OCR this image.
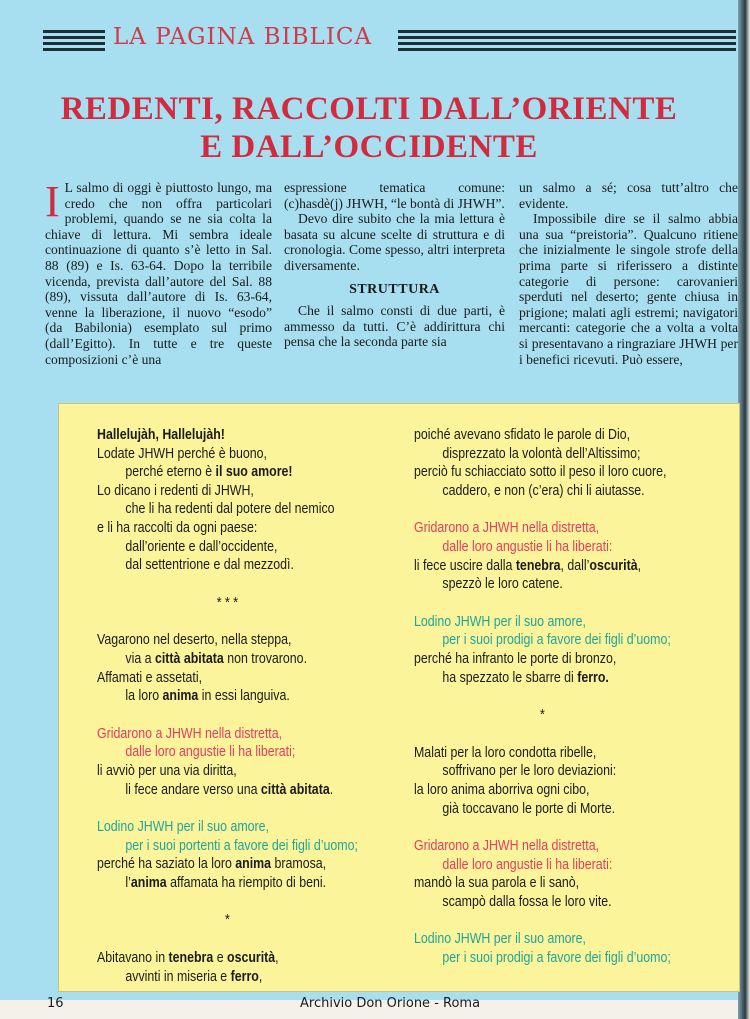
LA PAGINA BIBLICA
REDENTI, RACCOLTI DALL’ORIENTE
E DALL’OCCIDENTE

I L salmo di oggi è piuttosto lungo, ma credo che non offra particolari problemi, quando se ne sia colta la chiave di lettura. Mi sembra ideale continuazione di quanto s’è letto in Sal. 88 (89) e Is. 63-64. Dopo la terribile vicenda, prevista dall’autore del Sal. 88 (89), vissuta dall’autore di Is. 63-64, venne la liberazione, il nuovo “esodo” (da Babilonia) esemplato sul primo (dall’Egitto). In tutte e tre queste composizioni c’è una

espressione tematica comune: (c)hasdè(j) JHWH, “le bontà di JHWH”.

Devo dire subito che la mia lettura è basata su alcune scelte di struttura e di cronologia. Come spesso, altri interpreta diversamente.

STRUTTURA

Che il salmo consti di due parti, è ammesso da tutti. C’è addirittura chi pensa che la seconda parte sia

un salmo a sé; cosa tutt’altro che evidente.

Impossibile dire se il salmo abbia una sua “preistoria”. Qualcuno ritiene che inizialmente le singole strofe della prima parte si riferissero a distinte categorie di persone: carovanieri sperduti nel deserto; gente chiusa in prigione; malati agli estremi; navigatori mercanti: categorie che a volta a volta si presentavano a ringraziare JHWH per i benefici ricevuti. Può essere,

Hallelujàh, Hallelujàh!
Lodate JHWH perché è buono,
perché eterno è il suo amore!
Lo dicano i redenti di JHWH,
che li ha redenti dal potere del nemico
e li ha raccolti da ogni paese:
dall’oriente e dall’occidente,
dal settentrione e dal mezzodì.
* * *
Vagarono nel deserto, nella steppa,
via a città abitata non trovarono.
Affamati e assetati,
la loro anima in essi languiva.
Gridarono a JHWH nella distretta,
dalle loro angustie li ha liberati;
li avviò per una via diritta,
li fece andare verso una città abitata.
Lodino JHWH per il suo amore,
per i suoi portenti a favore dei figli d’uomo;
perché ha saziato la loro anima bramosa,
l’anima affamata ha riempito di beni.
*
Abitavano in tenebra e oscurità,
avvinti in miseria e ferro,
poiché avevano sfidato le parole di Dio,
disprezzato la volontà dell’Altissimo;
perciò fu schiacciato sotto il peso il loro cuore,
caddero, e non (c’era) chi li aiutasse.
Gridarono a JHWH nella distretta,
dalle loro angustie li ha liberati:
li fece uscire dalla tenebra, dall’oscurità,
spezzò le loro catene.
Lodino JHWH per il suo amore,
per i suoi prodigi a favore dei figli d’uomo;
perché ha infranto le porte di bronzo,
ha spezzato le sbarre di ferro.
*
Malati per la loro condotta ribelle,
soffrivano per le loro deviazioni:
la loro anima aborriva ogni cibo,
già toccavano le porte di Morte.
Gridarono a JHWH nella distretta,
dalle loro angustie li ha liberati:
mandò la sua parola e li sanò,
scampò dalla fossa le loro vite.
Lodino JHWH per il suo amore,
per i suoi prodigi a favore dei figli d’uomo;
16	Archivio Don Orione - Roma
